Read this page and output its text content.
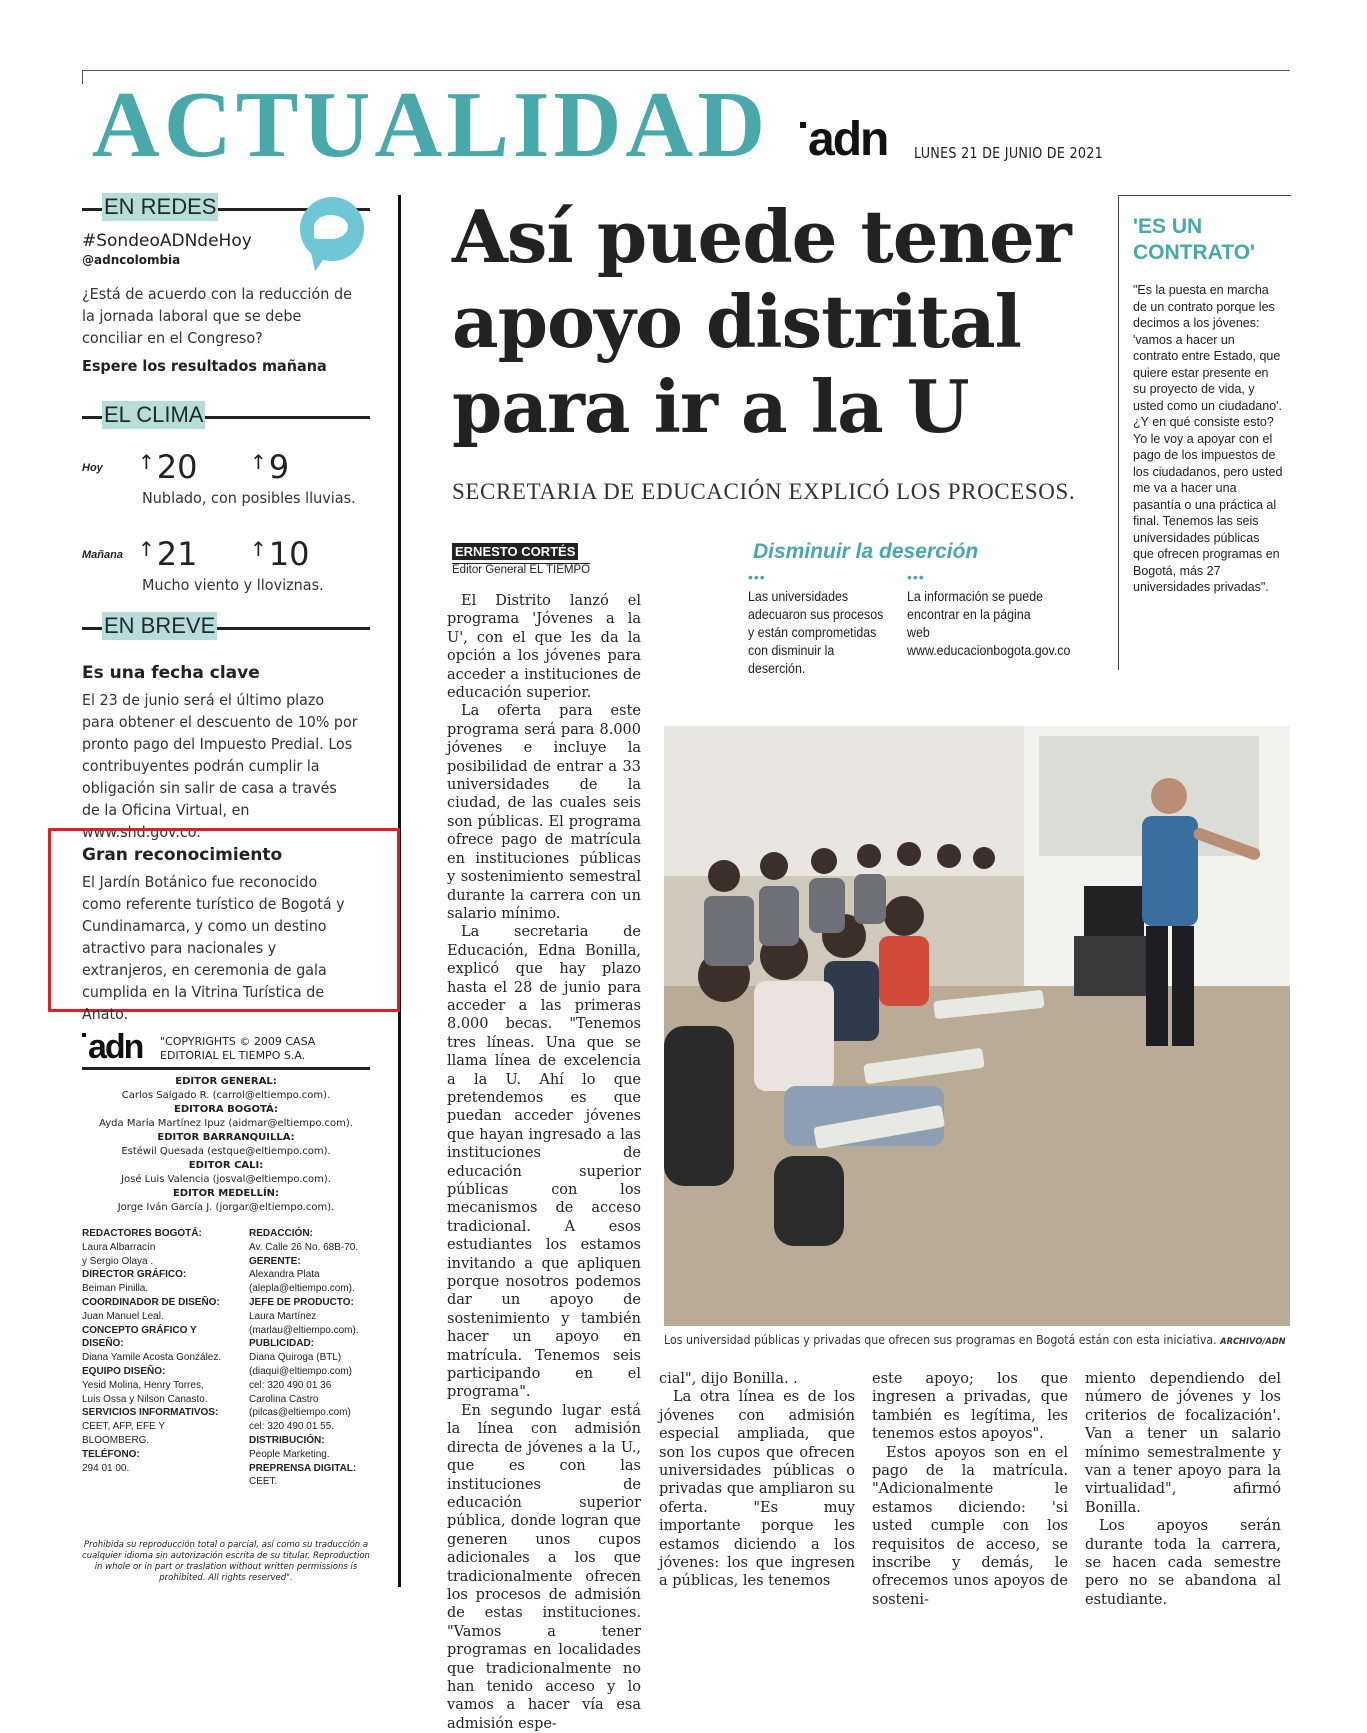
ACTUALIDAD adn LUNES 21 DE JUNIO DE 2021
EN REDES
#SondeoADNdeHoy
@adncolombia
¿Está de acuerdo con la reducción de la jornada laboral que se debe conciliar en el Congreso?
Espere los resultados mañana
EL CLIMA
Hoy ↑20	↑9
Nublado, con posibles lluvias.
Mañana ↑21	↑10
Mucho viento y lloviznas.
EN BREVE
Es una fecha clave
El 23 de junio será el último plazo para obtener el descuento de 10% por pronto pago del Impuesto Predial. Los contribuyentes podrán cumplir la obligación sin salir de casa a través de la Oficina Virtual, en www.shd.gov.co.
Gran reconocimiento
El Jardín Botánico fue reconocido como referente turístico de Bogotá y Cundinamarca, y como un destino atractivo para nacionales y extranjeros, en ceremonia de gala cumplida en la Vitrina Turística de Anato.
adn "COPYRIGHTS © 2009 CASA
EDITORIAL EL TIEMPO S.A.
EDITOR GENERAL:
Carlos Salgado R. (carrol@eltiempo.com).
EDITORA BOGOTÁ:
Ayda María Martínez Ipuz (aidmar@eltiempo.com).
EDITOR BARRANQUILLA:
Estéwil Quesada (estque@eltiempo.com).
EDITOR CALI:
José Luis Valencia (josval@eltiempo.com).
EDITOR MEDELLÍN:
Jorge Iván García J. (jorgar@eltiempo.com).
REDACTORES BOGOTÁ:
Laura Albarracín
y Sergio Olaya .
DIRECTOR GRÁFICO:
Beiman Pinilla.
COORDINADOR DE DISEÑO:
Juan Manuel Leal.
CONCEPTO GRÁFICO Y DISEÑO:
Diana Yamile Acosta González.
EQUIPO DISEÑO:
Yesid Molina, Henry Torres,
Luis Ossa y Nilson Canasto.
SERVICIOS INFORMATIVOS:
CEET, AFP, EFE Y BLOOMBERG.
TELÉFONO:
294 01 00.
REDACCIÓN:
Av. Calle 26 No. 68B-70.
GERENTE:
Alexandra Plata
(alepla@eltiempo.com).
JEFE DE PRODUCTO:
Laura Martínez
(marlau@eltiempo.com).
PUBLICIDAD:
Diana Quiroga (BTL)
(diaqui@eltiempo.com)
cel: 320 490 01 36
Carolina Castro
(pilcas@eltiempo.com)
cel: 320 490 01 55.
DISTRIBUCIÓN:
People Marketing.
PREPRENSA DIGITAL:
CEET.
Prohibida su reproducción total o parcial, así como su traducción a cualquier idioma sin autorización escrita de su titular. Reproduction in whole or in part or traslation without written permissions is prohibited. All rights reserved".
Así puede tener
apoyo distrital
para ir a la U
SECRETARIA DE EDUCACIÓN EXPLICÓ LOS PROCESOS.
ERNESTO CORTÉS
Editor General EL TIEMPO

El Distrito lanzó el programa 'Jóvenes a la U', con el que les da la opción a los jóvenes para acceder a instituciones de educación superior.

La oferta para este programa será para 8.000 jóvenes e incluye la posibilidad de entrar a 33 universidades de la ciudad, de las cuales seis son públicas. El programa ofrece pago de matrícula en instituciones públicas y sostenimiento semestral durante la carrera con un salario mínimo.

La secretaria de Educación, Edna Bonilla, explicó que hay plazo hasta el 28 de junio para acceder a las primeras 8.000 becas. "Tenemos tres líneas. Una que se llama línea de excelencia a la U. Ahí lo que pretendemos es que puedan acceder jóvenes que hayan ingresado a las instituciones de educación superior públicas con los mecanismos de acceso tradicional. A esos estudiantes los estamos invitando a que apliquen porque nosotros podemos dar un apoyo de sostenimiento y también hacer un apoyo en matrícula. Tenemos seis participando en el programa".

En segundo lugar está la línea con admisión directa de jóvenes a la U., que es con las instituciones de educación superior pública, donde logran que generen unos cupos adicionales a los que tradicionalmente ofrecen los procesos de admisión de estas instituciones. "Vamos a tener programas en localidades que tradicionalmente no han tenido acceso y lo vamos a hacer vía esa admisión espe-

cial", dijo Bonilla. .

La otra línea es de los jóvenes con admisión especial ampliada, que son los cupos que ofrecen universidades públicas o privadas que ampliaron su oferta. "Es muy importante porque les estamos diciendo a los jóvenes: los que ingresen a públicas, les tenemos

este apoyo; los que ingresen a privadas, que también es legítima, les tenemos estos apoyos".

Estos apoyos son en el pago de la matrícula. "Adicionalmente le estamos diciendo: 'si usted cumple con los requisitos de acceso, se inscribe y demás, le ofrecemos unos apoyos de sosteni-

miento dependiendo del número de jóvenes y los criterios de focalización'. Van a tener un salario mínimo semestralmente y van a tener apoyo para la virtualidad", afirmó Bonilla.

Los apoyos serán durante toda la carrera, se hacen cada semestre pero no se abandona al estudiante.

Disminuir la deserción
•••	•••
Las universidades adecuaron sus procesos y están comprometidas con disminuir la deserción.
La información se puede encontrar en la página web www.educacionbogota.gov.co
'ES UN
CONTRATO'
"Es la puesta en marcha de un contrato porque les decimos a los jóvenes: 'vamos a hacer un contrato entre Estado, que quiere estar presente en su proyecto de vida, y usted como un ciudadano'. ¿Y en qué consiste esto? Yo le voy a apoyar con el pago de los impuestos de los ciudadanos, pero usted me va a hacer una pasantía o una práctica al final. Tenemos las seis universidades públicas que ofrecen programas en Bogotá, más 27 universidades privadas".
Los universidad públicas y privadas que ofrecen sus programas en Bogotá están con esta iniciativa. ARCHIVO/ADN
